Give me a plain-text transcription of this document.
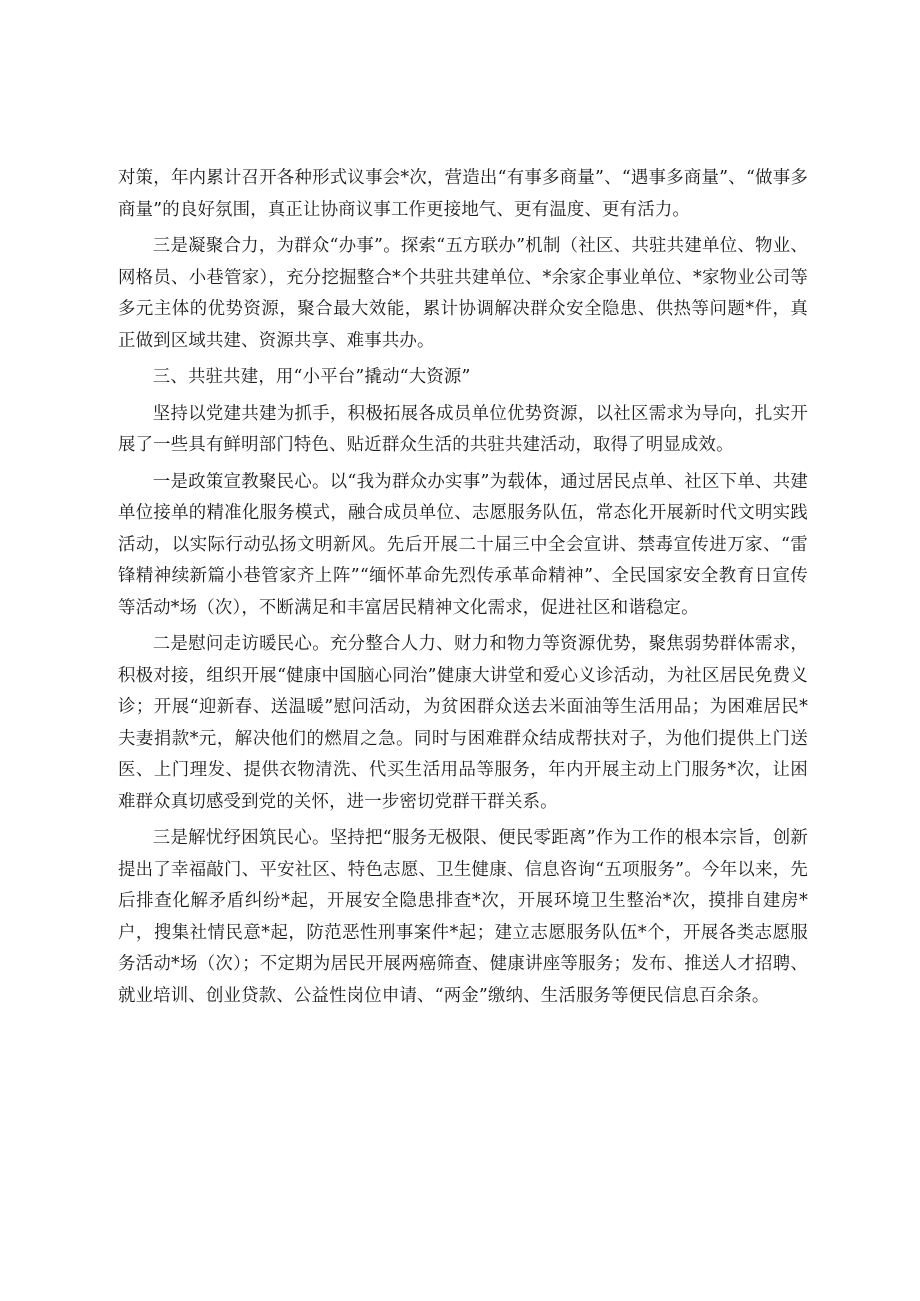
对策，年内累计召开各种形式议事会*次，营造出“有事多商量”、“遇事多商量”、“做事多商量”的良好氛围，真正让协商议事工作更接地气、更有温度、更有活力。

三是凝聚合力，为群众“办事”。探索“五方联办”机制（社区、共驻共建单位、物业、网格员、小巷管家），充分挖掘整合*个共驻共建单位、*余家企事业单位、*家物业公司等多元主体的优势资源，聚合最大效能，累计协调解决群众安全隐患、供热等问题*件，真正做到区域共建、资源共享、难事共办。

三、共驻共建，用“小平台”撬动“大资源”

坚持以党建共建为抓手，积极拓展各成员单位优势资源，以社区需求为导向，扎实开展了一些具有鲜明部门特色、贴近群众生活的共驻共建活动，取得了明显成效。

一是政策宣教聚民心。以“我为群众办实事”为载体，通过居民点单、社区下单、共建单位接单的精准化服务模式，融合成员单位、志愿服务队伍，常态化开展新时代文明实践活动，以实际行动弘扬文明新风。先后开展二十届三中全会宣讲、禁毒宣传进万家、“雷锋精神续新篇小巷管家齐上阵”“缅怀革命先烈传承革命精神”、全民国家安全教育日宣传等活动*场（次），不断满足和丰富居民精神文化需求，促进社区和谐稳定。

二是慰问走访暖民心。充分整合人力、财力和物力等资源优势，聚焦弱势群体需求，积极对接，组织开展“健康中国脑心同治”健康大讲堂和爱心义诊活动，为社区居民免费义诊；开展“迎新春、送温暖”慰问活动，为贫困群众送去米面油等生活用品；为困难居民*夫妻捐款*元，解决他们的燃眉之急。同时与困难群众结成帮扶对子，为他们提供上门送医、上门理发、提供衣物清洗、代买生活用品等服务，年内开展主动上门服务*次，让困难群众真切感受到党的关怀，进一步密切党群干群关系。

三是解忧纾困筑民心。坚持把“服务无极限、便民零距离”作为工作的根本宗旨，创新提出了幸福敲门、平安社区、特色志愿、卫生健康、信息咨询“五项服务”。今年以来，先后排查化解矛盾纠纷*起，开展安全隐患排查*次，开展环境卫生整治*次，摸排自建房*户，搜集社情民意*起，防范恶性刑事案件*起；建立志愿服务队伍*个，开展各类志愿服务活动*场（次）；不定期为居民开展两癌筛查、健康讲座等服务；发布、推送人才招聘、就业培训、创业贷款、公益性岗位申请、“两金”缴纳、生活服务等便民信息百余条。
